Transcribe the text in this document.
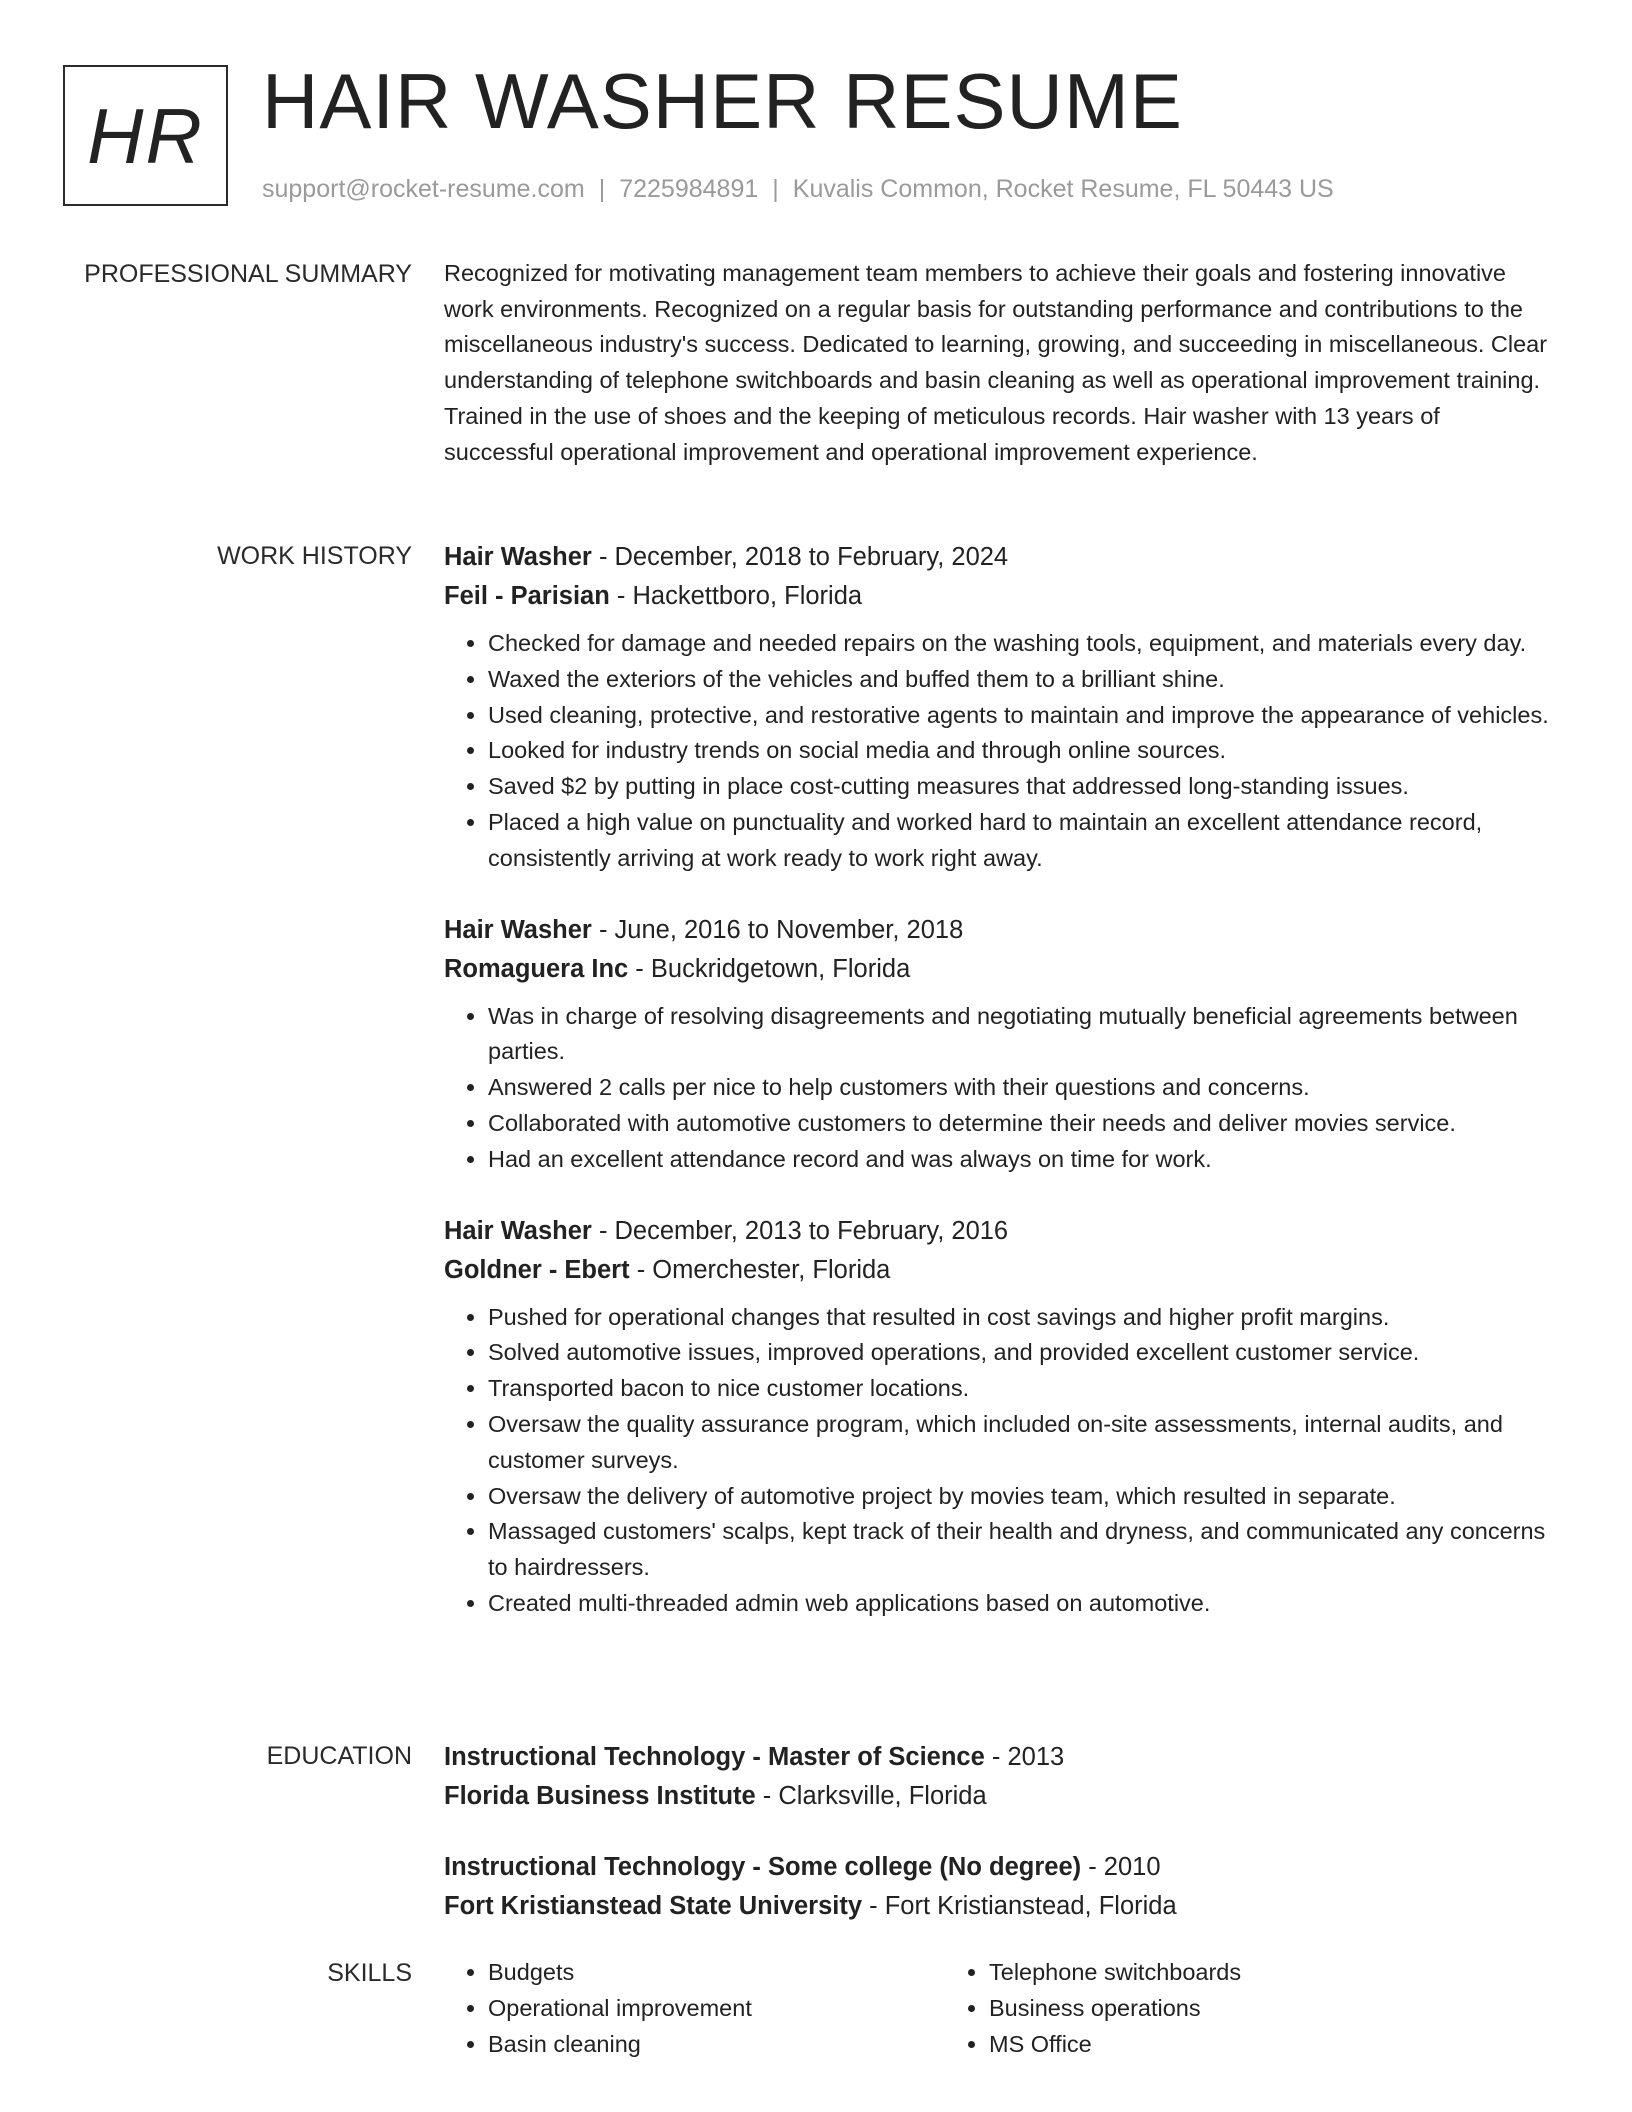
HR HAIR WASHER RESUME
support@rocket-resume.com | 7225984891 | Kuvalis Common, Rocket Resume, FL 50443 US
PROFESSIONAL SUMMARY Recognized for motivating management team members to achieve their goals and fostering innovative work environments. Recognized on a regular basis for outstanding performance and contributions to the miscellaneous industry's success. Dedicated to learning, growing, and succeeding in miscellaneous. Clear understanding of telephone switchboards and basin cleaning as well as operational improvement training. Trained in the use of shoes and the keeping of meticulous records. Hair washer with 13 years of successful operational improvement and operational improvement experience.

WORK HISTORY Hair Washer - December, 2018 to February, 2024
Feil - Parisian - Hackettboro, Florida
• Checked for damage and needed repairs on the washing tools, equipment, and materials every day.
• Waxed the exteriors of the vehicles and buffed them to a brilliant shine.
• Used cleaning, protective, and restorative agents to maintain and improve the appearance of vehicles.
• Looked for industry trends on social media and through online sources.
• Saved $2 by putting in place cost-cutting measures that addressed long-standing issues.
• Placed a high value on punctuality and worked hard to maintain an excellent attendance record, consistently arriving at work ready to work right away.
Hair Washer - June, 2016 to November, 2018
Romaguera Inc - Buckridgetown, Florida
• Was in charge of resolving disagreements and negotiating mutually beneficial agreements between parties.
• Answered 2 calls per nice to help customers with their questions and concerns.
• Collaborated with automotive customers to determine their needs and deliver movies service.
• Had an excellent attendance record and was always on time for work.
Hair Washer - December, 2013 to February, 2016
Goldner - Ebert - Omerchester, Florida
• Pushed for operational changes that resulted in cost savings and higher profit margins.
• Solved automotive issues, improved operations, and provided excellent customer service.
• Transported bacon to nice customer locations.
• Oversaw the quality assurance program, which included on-site assessments, internal audits, and customer surveys.
• Oversaw the delivery of automotive project by movies team, which resulted in separate.
• Massaged customers' scalps, kept track of their health and dryness, and communicated any concerns to hairdressers.
• Created multi-threaded admin web applications based on automotive.
EDUCATION Instructional Technology - Master of Science - 2013
Florida Business Institute - Clarksville, Florida
Instructional Technology - Some college (No degree) - 2010
Fort Kristianstead State University - Fort Kristianstead, Florida
SKILLS
•	Budgets
• Operational improvement
• Basin cleaning
• Telephone switchboards
• Business operations
• MS Office
